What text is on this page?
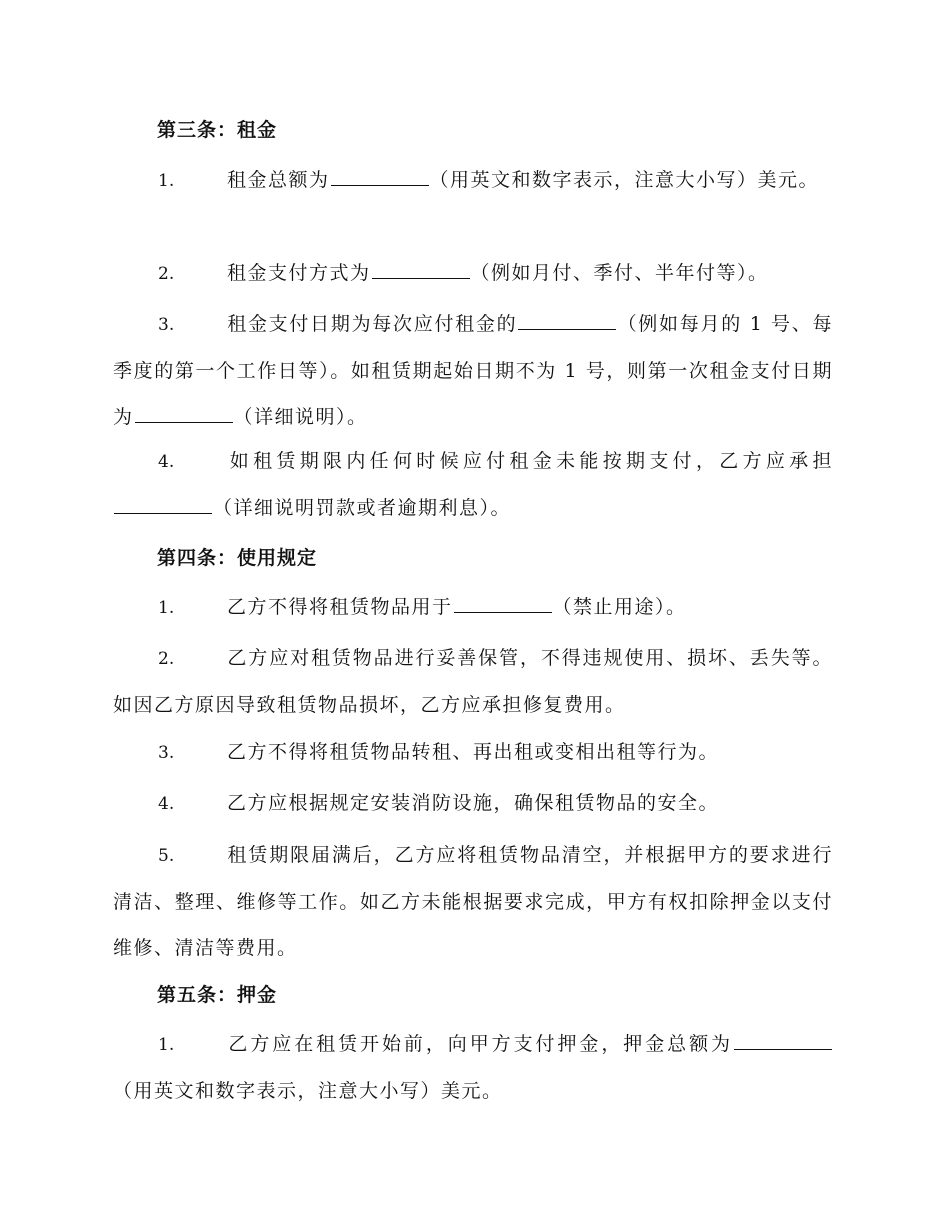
第三条：租金
1.	租金总额为	（用英文和数字表示，注意大小写）美元。
2.	租金支付方式为	（例如月付、季付、半年付等）。
3.	租金支付日期为每次应付租金的	（例如每月的 1 号、每季度的第一个工作日等）。如租赁期起始日期不为 1 号，则第一次租金支付日期为	（详细说明）。
4.	如租赁期限内任何时候应付租金未能按期支付，乙方应承担（详细说明罚款或者逾期利息）。
第四条：使用规定
1.	乙方不得将租赁物品用于	（禁止用途）。
2.	乙方应对租赁物品进行妥善保管，不得违规使用、损坏、丢失等。如因乙方原因导致租赁物品损坏，乙方应承担修复费用。
3.	乙方不得将租赁物品转租、再出租或变相出租等行为。
4.	乙方应根据规定安装消防设施，确保租赁物品的安全。
5.	租赁期限届满后，乙方应将租赁物品清空，并根据甲方的要求进行清洁、整理、维修等工作。如乙方未能根据要求完成，甲方有权扣除押金以支付维修、清洁等费用。
第五条：押金
1.	乙方应在租赁开始前，向甲方支付押金，押金总额为（用英文和数字表示，注意大小写）美元。
